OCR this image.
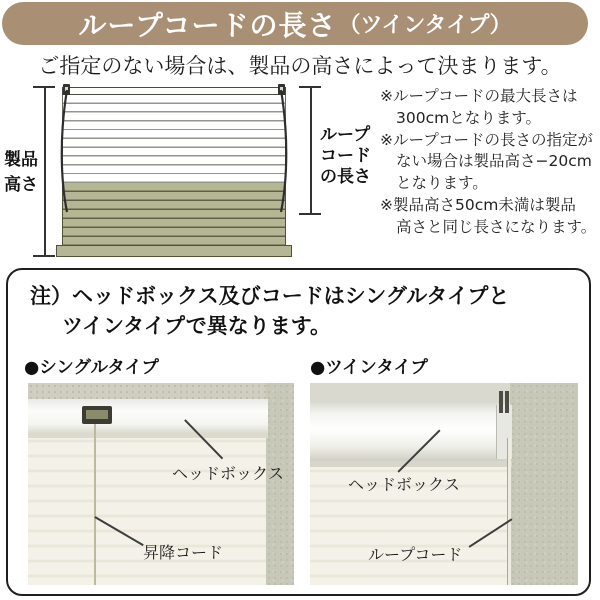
ループコードの長さ （ツインタイプ）
ご指定のない場合は、製品の高さによって決まります。
製品
高さ
ループ
コード
の長さ
※ループコードの最大長さは
300cmとなります。
※ループコードの長さの指定が
ない場合は製品高さ−20cm
となります。
※製品高さ50cm未満は製品
高さと同じ長さになります。
注）ヘッドボックス及びコードはシングルタイプと
ツインタイプで異なります。
●シングルタイプ	●ツインタイプ
ヘッドボックス
昇降コード
ヘッドボックス
ループコード
